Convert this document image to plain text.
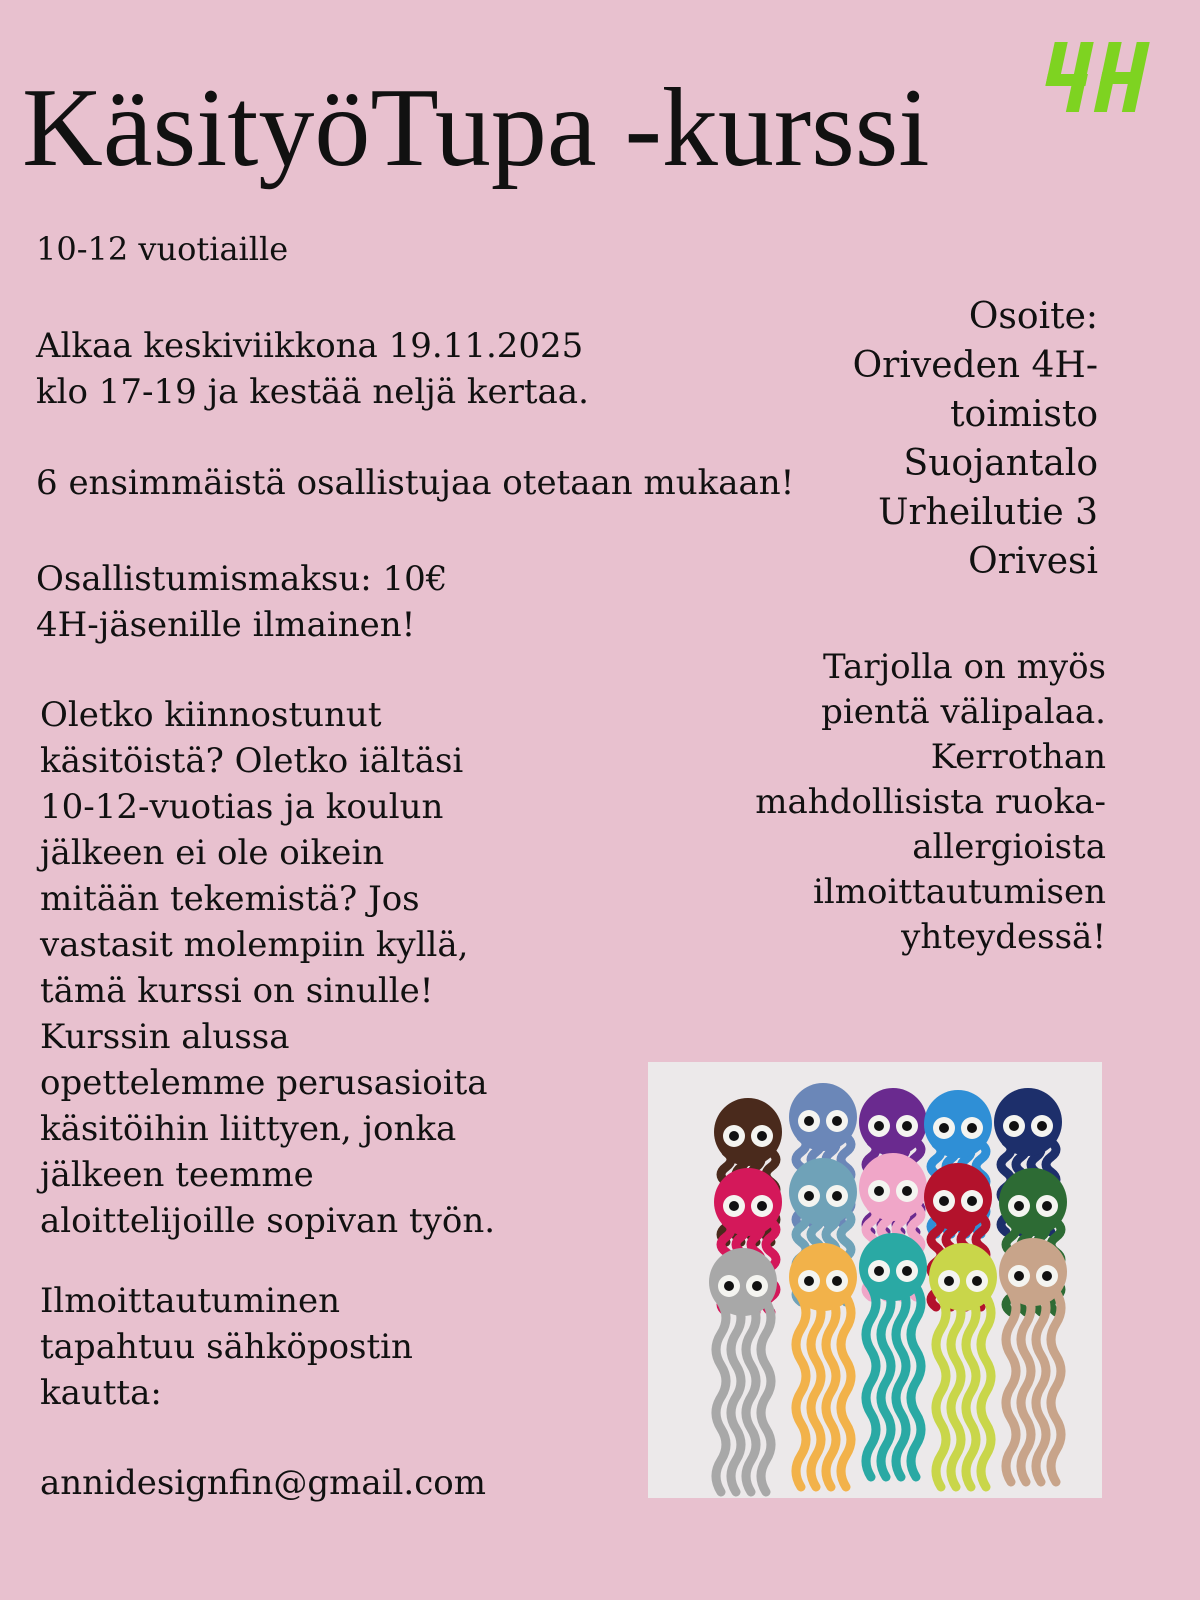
KäsityöTupa -kurssi

10-12 vuotiaille

Alkaa keskiviikkona 19.11.2025
klo 17-19 ja kestää neljä kertaa.

6 ensimmäistä osallistujaa otetaan mukaan!

Osallistumismaksu: 10€
4H-jäsenille ilmainen!

Oletko kiinnostunut
käsitöistä? Oletko iältäsi
10-12-vuotias ja koulun
jälkeen ei ole oikein
mitään tekemistä? Jos
vastasit molempiin kyllä,
tämä kurssi on sinulle!
Kurssin alussa
opettelemme perusasioita
käsitöihin liittyen, jonka
jälkeen teemme
aloittelijoille sopivan työn.

Ilmoittautuminen
tapahtuu sähköpostin
kautta:

annidesignfin@gmail.com

Osoite:
Oriveden 4H-
toimisto
Suojantalo
Urheilutie 3
Orivesi

Tarjolla on myös
pientä välipalaa.
Kerrothan
mahdollisista ruoka-
allergioista
ilmoittautumisen
yhteydessä!
